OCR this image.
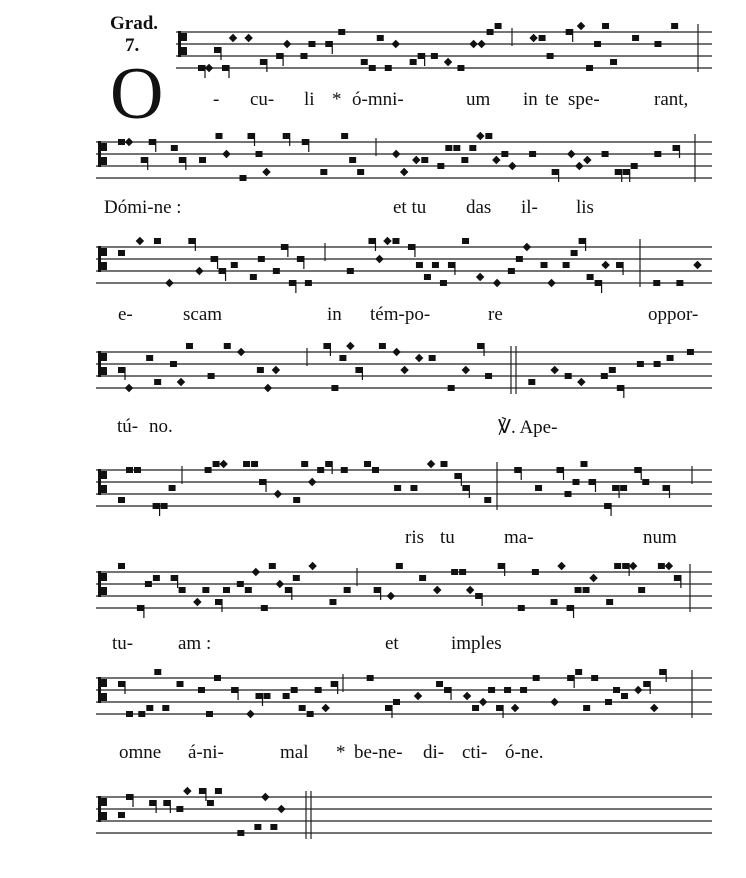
Grad.
7.
O	- cu- li * ó-mni-	um in te spe-	rant,
Dómi-ne :	et tu das il- lis
e-	scam	in tém-po-	re	oppor-
tú- no.	℣. Ape-
ris tu	ma-	num
tu- am :	et	imples
omne á-ni-	mal * be-ne- di- cti- ó-ne.
